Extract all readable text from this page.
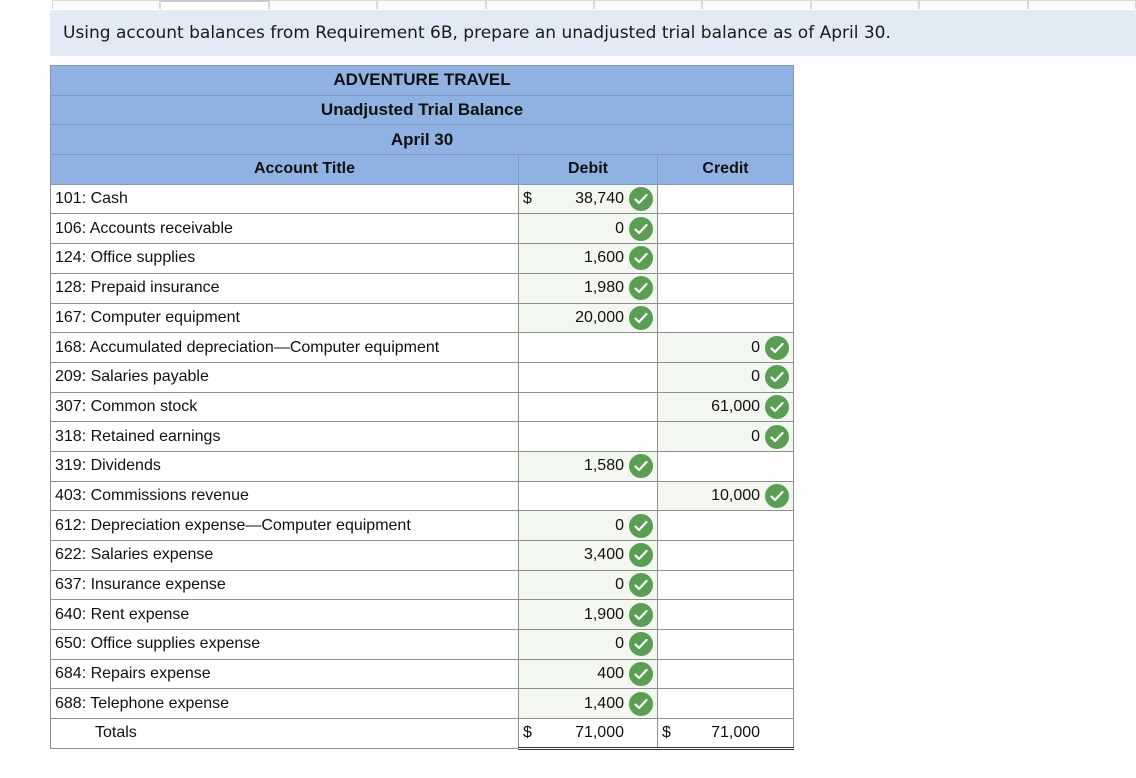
Using account balances from Requirement 6B, prepare an unadjusted trial balance as of April 30.
ADVENTURE TRAVEL		
Unadjusted Trial Balance		
April 30		
Account Title	Debit	Credit
101: Cash	$ 38,740	

106: Accounts receivable	0	

124: Office supplies	1,600	

128: Prepaid insurance	1,980	

167: Computer equipment	20,000	

168: Accumulated depreciation—Computer equipment		0

209: Salaries payable		0

307: Common stock		61,000

318: Retained earnings		0

319: Dividends	1,580	

403: Commissions revenue		10,000

612: Depreciation expense—Computer equipment	0	

622: Salaries expense	3,400	

637: Insurance expense	0	

640: Rent expense	1,900	

650: Office supplies expense	0	

684: Repairs expense	400	

688: Telephone expense	1,400	

Totals	$ 71,000	$ 71,000
